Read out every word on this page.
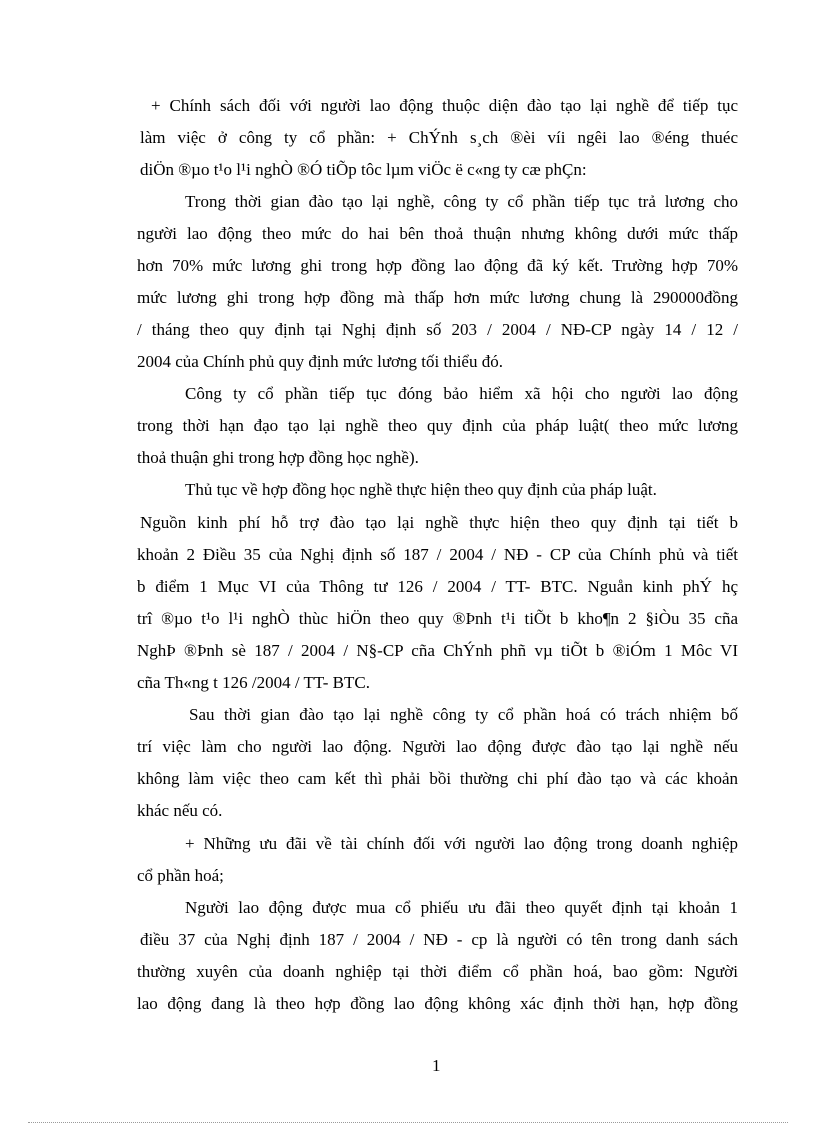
+ Chính sách đối với người lao động thuộc diện đào tạo lại nghề để tiếp tục
làm việc ở công ty cổ phần: + ChÝnh s¸ch ®èi víi ngêi lao ®éng thuéc
diÖn ®µo t¹o l¹i nghÒ ®Ó tiÕp tôc lµm viÖc ë c«ng ty cæ phÇn:
Trong thời gian đào tạo lại nghề, công ty cổ phần tiếp tục trả lương cho
người lao động theo mức do hai bên thoả thuận nhưng không dưới mức thấp
hơn 70% mức lương ghi trong hợp đồng lao động đã ký kết. Trường hợp 70%
mức lương ghi trong hợp đồng mà thấp hơn mức lương chung là 290000đồng
/ tháng theo quy định tại Nghị định số 203 / 2004 / NĐ-CP ngày 14 / 12 /
2004 của Chính phủ quy định mức lương tối thiểu đó.
Công ty cổ phần tiếp tục đóng bảo hiểm xã hội cho người lao động
trong thời hạn đạo tạo lại nghề theo quy định của pháp luật( theo mức lương
thoả thuận ghi trong hợp đồng học nghề).
Thủ tục về hợp đồng học nghề thực hiện theo quy định của pháp luật.
Nguồn kinh phí hỗ trợ đào tạo lại nghề thực hiện theo quy định tại tiết b
khoản 2 Điều 35 của Nghị định số 187 / 2004 / NĐ - CP của Chính phủ và tiết
b điểm 1 Mục VI của Thông tư 126 / 2004 / TT- BTC. Nguån kinh phÝ hç
trî ®µo t¹o l¹i nghÒ thùc hiÖn theo quy ®Þnh t¹i tiÕt b kho¶n 2 §iÒu 35 cña
NghÞ ®Þnh sè 187 / 2004 / N§-CP cña ChÝnh phñ vµ tiÕt b ®iÓm 1 Môc VI
cña Th«ng t 126 /2004 / TT- BTC.
Sau thời gian đào tạo lại nghề công ty cổ phần hoá có trách nhiệm bố
trí việc làm cho người lao động. Người lao động được đào tạo lại nghề nếu
không làm việc theo cam kết thì phải bồi thường chi phí đào tạo và các khoản
khác nếu có.
+ Những ưu đãi về tài chính đối với người lao động trong doanh nghiệp
cổ phần hoá;
Người lao động được mua cổ phiếu ưu đãi theo quyết định tại khoản 1
điều 37 của Nghị định 187 / 2004 / NĐ - cp là người có tên trong danh sách
thường xuyên của doanh nghiệp tại thời điểm cổ phần hoá, bao gồm: Người
lao động đang là theo hợp đồng lao động không xác định thời hạn, hợp đồng
1
